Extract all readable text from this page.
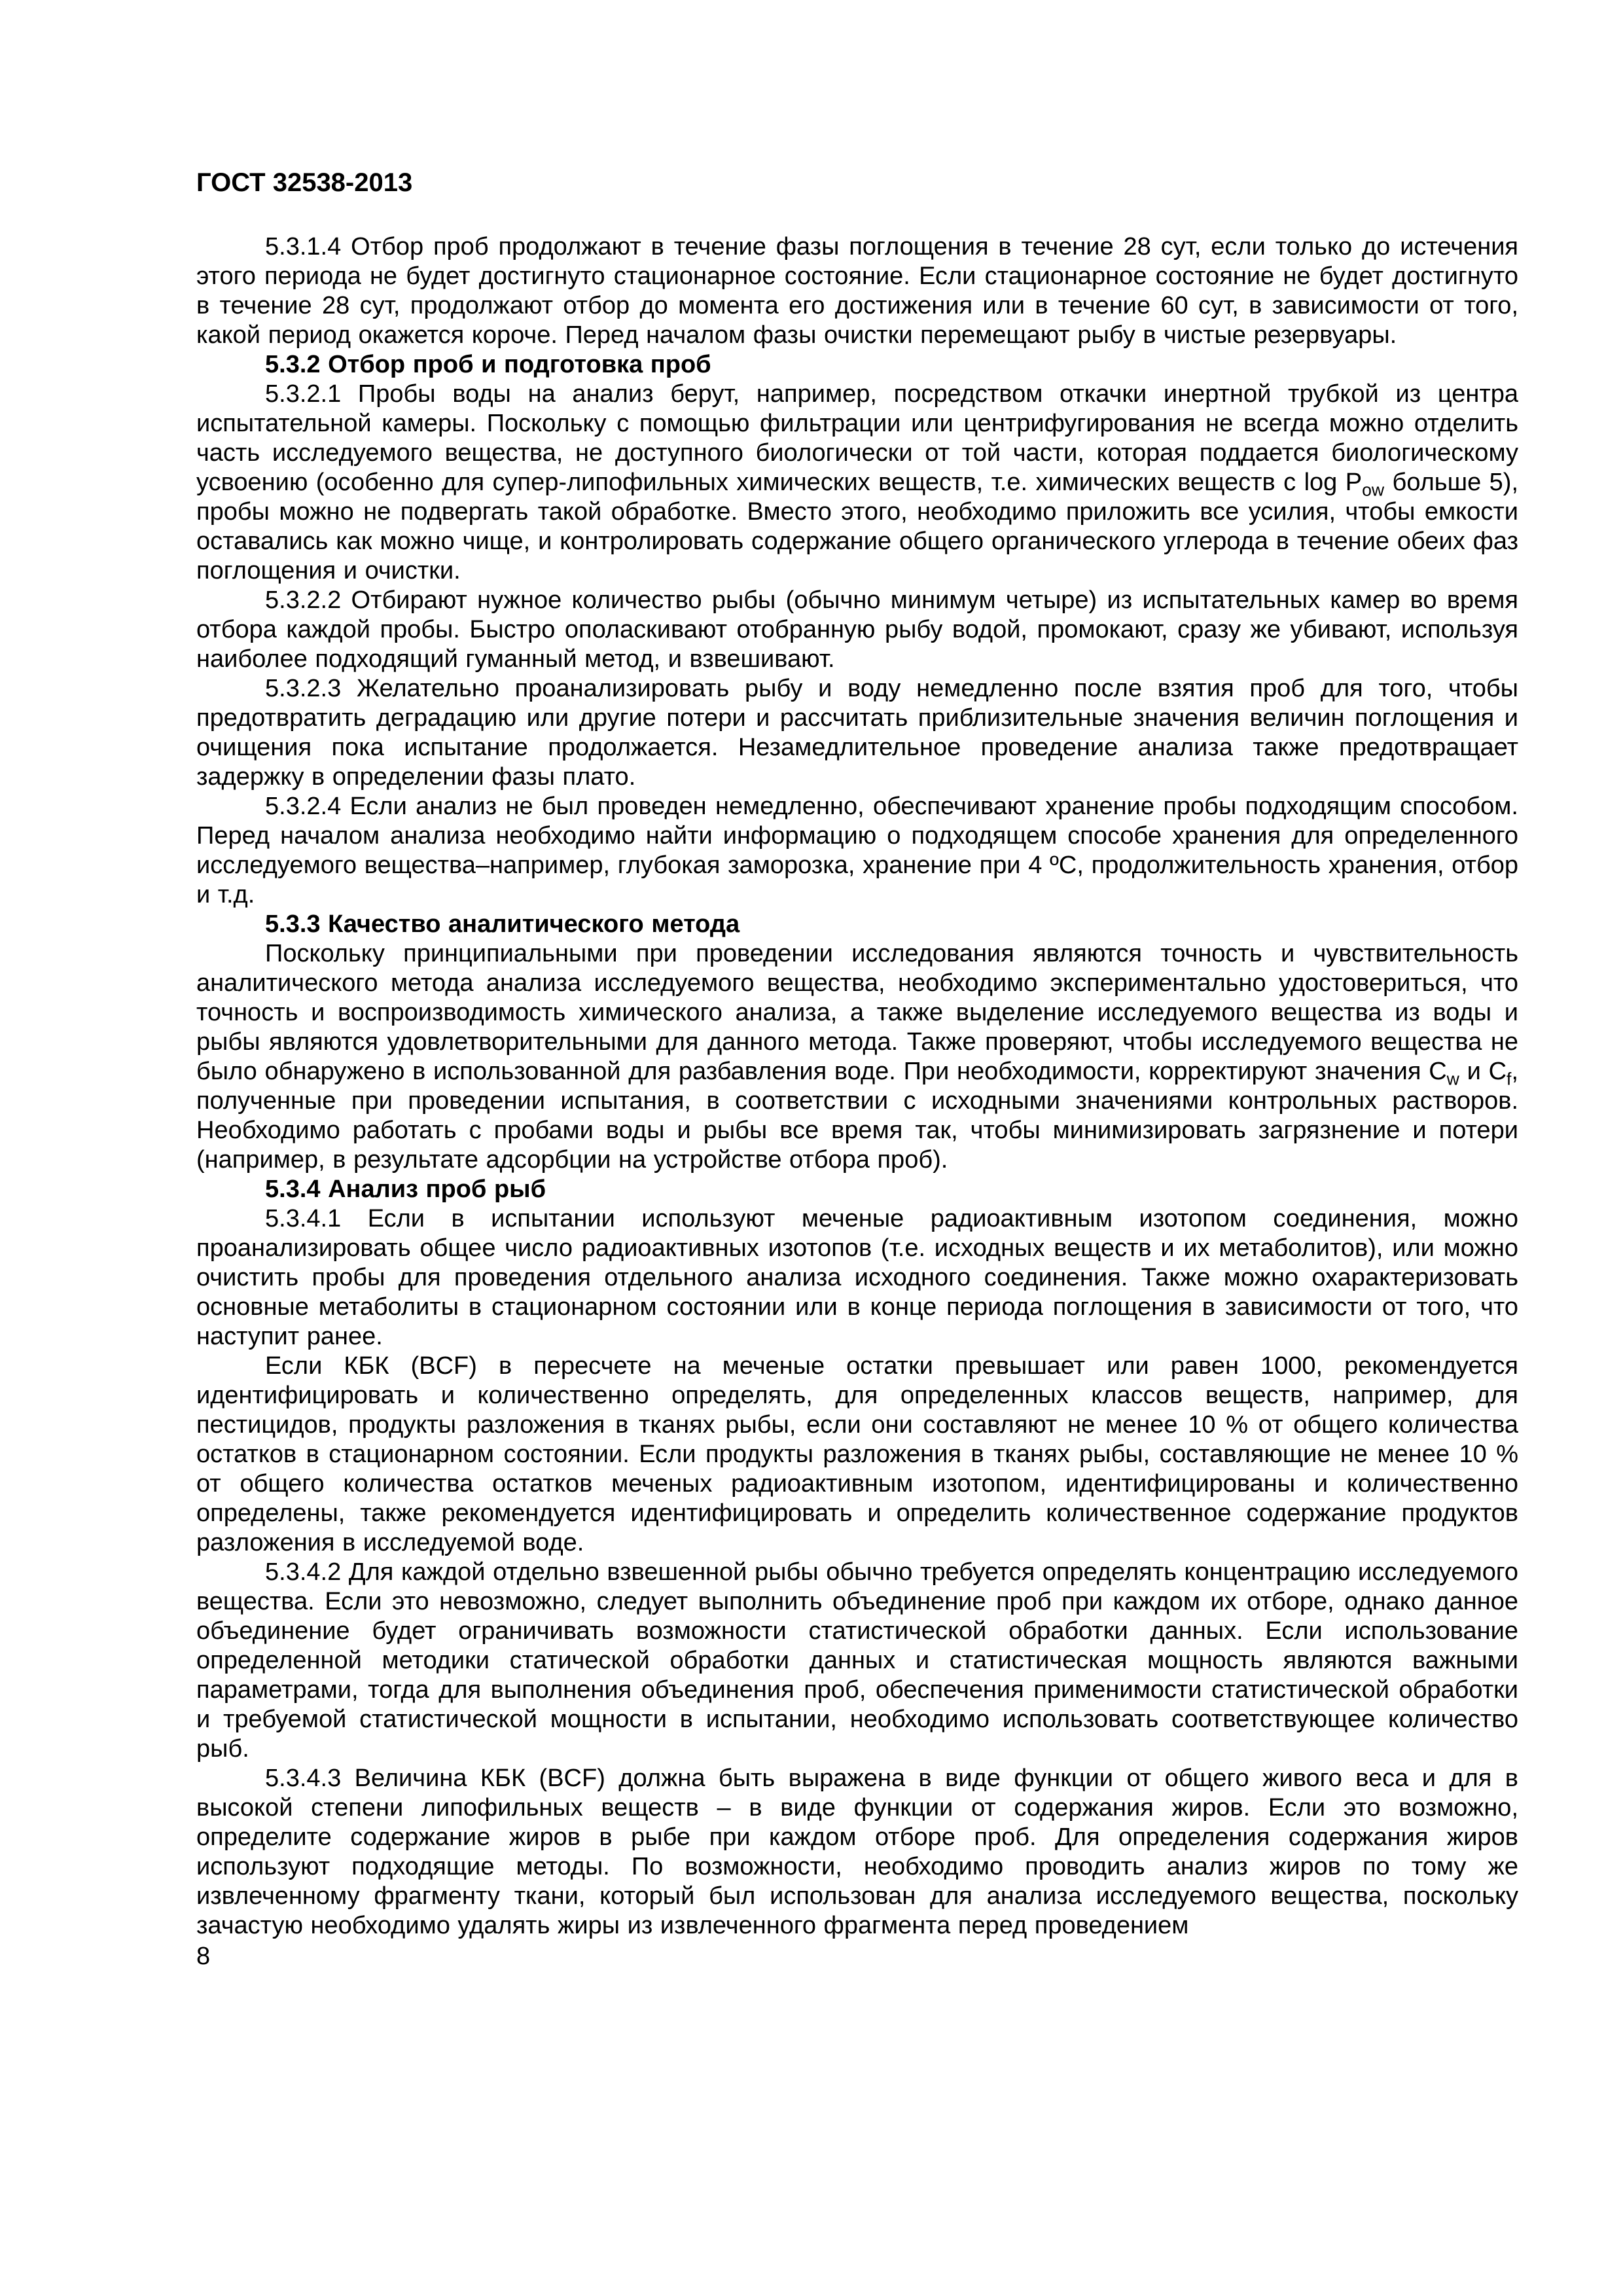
ГОСТ 32538-2013

5.3.1.4 Отбор проб продолжают в течение фазы поглощения в течение 28 сут, если только до истечения этого периода не будет достигнуто стационарное состояние. Если стационарное состояние не будет достигнуто в течение 28 сут, продолжают отбор до момента его достижения или в течение 60 сут, в зависимости от того, какой период окажется короче. Перед началом фазы очистки перемещают рыбу в чистые резервуары.

5.3.2 Отбор проб и подготовка проб

5.3.2.1 Пробы воды на анализ берут, например, посредством откачки инертной трубкой из центра испытательной камеры. Поскольку с помощью фильтрации или центрифугирования не всегда можно отделить часть исследуемого вещества, не доступного биологически от той части, которая поддается биологическому усвоению (особенно для супер-липофильных химических веществ, т.е. химических веществ с $\log P_{ow}$ больше 5), пробы можно не подвергать такой обработке. Вместо этого, необходимо приложить все усилия, чтобы емкости оставались как можно чище, и контролировать содержание общего органического углерода в течение обеих фаз поглощения и очистки.

5.3.2.2 Отбирают нужное количество рыбы (обычно минимум четыре) из испытательных камер во время отбора каждой пробы. Быстро ополаскивают отобранную рыбу водой, промокают, сразу же убивают, используя наиболее подходящий гуманный метод, и взвешивают.

5.3.2.3 Желательно проанализировать рыбу и воду немедленно после взятия проб для того, чтобы предотвратить деградацию или другие потери и рассчитать приблизительные значения величин поглощения и очищения пока испытание продолжается. Незамедлительное проведение анализа также предотвращает задержку в определении фазы плато.

5.3.2.4 Если анализ не был проведен немедленно, обеспечивают хранение пробы подходящим способом. Перед началом анализа необходимо найти информацию о подходящем способе хранения для определенного исследуемого вещества–например, глубокая заморозка, хранение при 4 ºС, продолжительность хранения, отбор и т.д.

5.3.3 Качество аналитического метода

Поскольку принципиальными при проведении исследования являются точность и чувствительность аналитического метода анализа исследуемого вещества, необходимо экспериментально удостовериться, что точность и воспроизводимость химического анализа, а также выделение исследуемого вещества из воды и рыбы являются удовлетворительными для данного метода. Также проверяют, чтобы исследуемого вещества не было обнаружено в использованной для разбавления воде. При необходимости, корректируют значения $C_w$ и $C_f$, полученные при проведении испытания, в соответствии с исходными значениями контрольных растворов. Необходимо работать с пробами воды и рыбы все время так, чтобы минимизировать загрязнение и потери (например, в результате адсорбции на устройстве отбора проб).

5.3.4 Анализ проб рыб

5.3.4.1 Если в испытании используют меченые радиоактивным изотопом соединения, можно проанализировать общее число радиоактивных изотопов (т.е. исходных веществ и их метаболитов), или можно очистить пробы для проведения отдельного анализа исходного соединения. Также можно охарактеризовать основные метаболиты в стационарном состоянии или в конце периода поглощения в зависимости от того, что наступит ранее.

Если КБК (BCF) в пересчете на меченые остатки превышает или равен 1000, рекомендуется идентифицировать и количественно определять, для определенных классов веществ, например, для пестицидов, продукты разложения в тканях рыбы, если они составляют не менее 10 % от общего количества остатков в стационарном состоянии. Если продукты разложения в тканях рыбы, составляющие не менее 10 % от общего количества остатков меченых радиоактивным изотопом, идентифицированы и количественно определены, также рекомендуется идентифицировать и определить количественное содержание продуктов разложения в исследуемой воде.

5.3.4.2 Для каждой отдельно взвешенной рыбы обычно требуется определять концентрацию исследуемого вещества. Если это невозможно, следует выполнить объединение проб при каждом их отборе, однако данное объединение будет ограничивать возможности статистической обработки данных. Если использование определенной методики статической обработки данных и статистическая мощность являются важными параметрами, тогда для выполнения объединения проб, обеспечения применимости статистической обработки и требуемой статистической мощности в испытании, необходимо использовать соответствующее количество рыб.

5.3.4.3 Величина КБК (BCF) должна быть выражена в виде функции от общего живого веса и для в высокой степени липофильных веществ – в виде функции от содержания жиров. Если это возможно, определите содержание жиров в рыбе при каждом отборе проб. Для определения содержания жиров используют подходящие методы. По возможности, необходимо проводить анализ жиров по тому же извлеченному фрагменту ткани, который был использован для анализа исследуемого вещества, поскольку зачастую необходимо удалять жиры из извлеченного фрагмента перед проведением

8
